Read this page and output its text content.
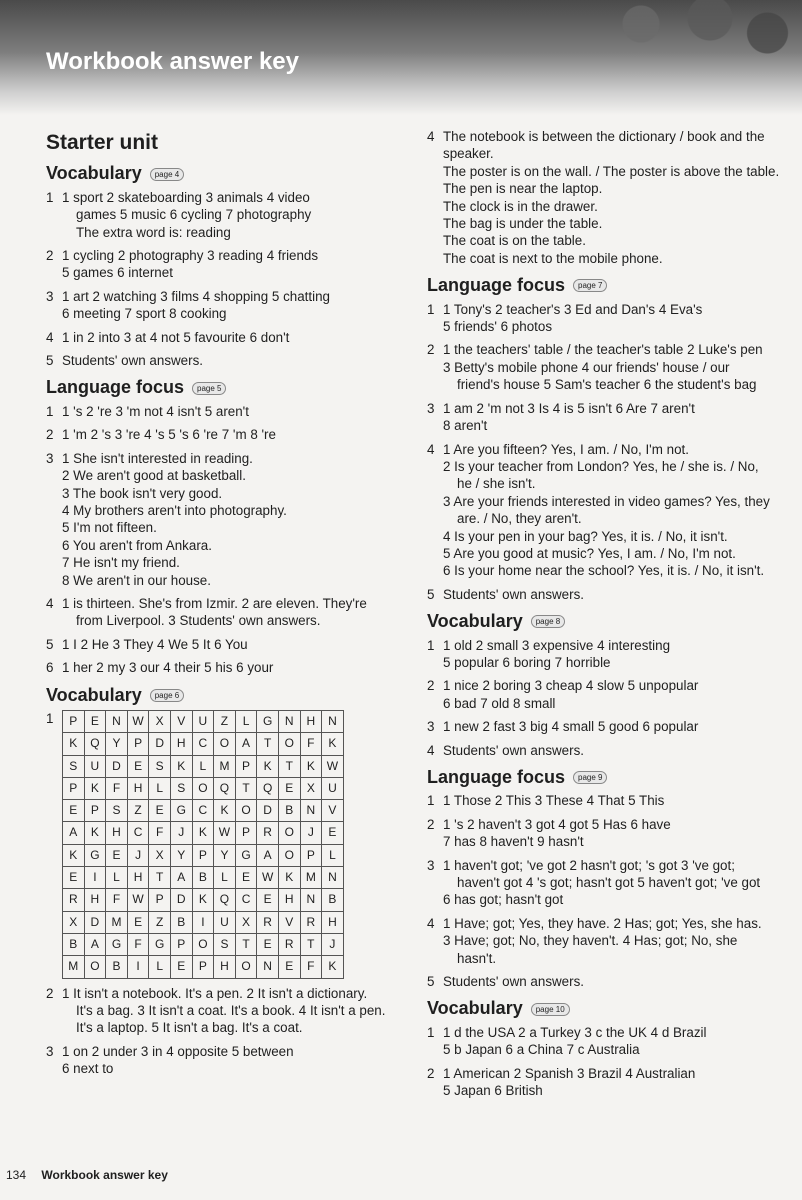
Workbook answer key
Starter unit
Vocabulary	page 4
1 1 sport 2 skateboarding 3 animals 4 video
games 5 music 6 cycling 7 photography
The extra word is: reading
2 1 cycling 2 photography 3 reading 4 friends
5 games 6 internet
3 1 art 2 watching 3 films 4 shopping 5 chatting
6 meeting 7 sport 8 cooking
4 1 in 2 into 3 at 4 not 5 favourite 6 don't
5 Students' own answers.
Language focus	page 5
1 1 's 2 're 3 'm not 4 isn't 5 aren't
2 1 'm 2 's 3 're 4 's 5 's 6 're 7 'm 8 're
3 1 She isn't interested in reading.
2 We aren't good at basketball.
3 The book isn't very good.
4 My brothers aren't into photography.
5 I'm not fifteen.
6 You aren't from Ankara.
7 He isn't my friend.
8 We aren't in our house.
4 1 is thirteen. She's from Izmir. 2 are eleven. They're
from Liverpool. 3 Students' own answers.
5 1 I 2 He 3 They 4 We 5 It 6 You
6 1 her 2 my 3 our 4 their 5 his 6 your
Vocabulary	page 6
1	P	E	N	W	X	V	U	Z	L	G	N	H	N
K	Q	Y	P	D	H	C	O	A	T	O	F	K
S	U	D	E	S	K	L	M	P	K	T	K	W
P	K	F	H	L	S	O	Q	T	Q	E	X	U
E	P	S	Z	E	G	C	K	O	D	B	N	V
A	K	H	C	F	J	K	W	P	R	O	J	E
K	G	E	J	X	Y	P	Y	G	A	O	P	L
E	I	L	H	T	A	B	L	E	W	K	M	N
R	H	F	W	P	D	K	Q	C	E	H	N	B
X	D	M	E	Z	B	I	U	X	R	V	R	H
B	A	G	F	G	P	O	S	T	E	R	T	J
M	O	B	I	L	E	P	H	O	N	E	F	K
2 1 It isn't a notebook. It's a pen. 2 It isn't a dictionary.
It's a bag. 3 It isn't a coat. It's a book. 4 It isn't a pen.
It's a laptop. 5 It isn't a bag. It's a coat.
3 1 on 2 under 3 in 4 opposite 5 between
6 next to
4 The notebook is between the dictionary / book and the
speaker.
The poster is on the wall. / The poster is above the table.
The pen is near the laptop.
The clock is in the drawer.
The bag is under the table.
The coat is on the table.
The coat is next to the mobile phone.
Language focus	page 7
1 1 Tony's 2 teacher's 3 Ed and Dan's 4 Eva's
5 friends' 6 photos
2 1 the teachers' table / the teacher's table 2 Luke's pen
3 Betty's mobile phone 4 our friends' house / our
friend's house 5 Sam's teacher 6 the student's bag
3 1 am 2 'm not 3 Is 4 is 5 isn't 6 Are 7 aren't
8 aren't
4 1 Are you fifteen? Yes, I am. / No, I'm not.
2 Is your teacher from London? Yes, he / she is. / No,
he / she isn't.
3 Are your friends interested in video games? Yes, they
are. / No, they aren't.
4 Is your pen in your bag? Yes, it is. / No, it isn't.
5 Are you good at music? Yes, I am. / No, I'm not.
6 Is your home near the school? Yes, it is. / No, it isn't.
5 Students' own answers.
Vocabulary	page 8
1 1 old 2 small 3 expensive 4 interesting
5 popular 6 boring 7 horrible
2 1 nice 2 boring 3 cheap 4 slow 5 unpopular
6 bad 7 old 8 small
3 1 new 2 fast 3 big 4 small 5 good 6 popular
4 Students' own answers.
Language focus	page 9
1 1 Those 2 This 3 These 4 That 5 This
2 1 's 2 haven't 3 got 4 got 5 Has 6 have
7 has 8 haven't 9 hasn't
3 1 haven't got; 've got 2 hasn't got; 's got 3 've got;
haven't got 4 's got; hasn't got 5 haven't got; 've got
6 has got; hasn't got
4 1 Have; got; Yes, they have. 2 Has; got; Yes, she has.
3 Have; got; No, they haven't. 4 Has; got; No, she
hasn't.
5 Students' own answers.
Vocabulary	page 10
1 1 d the USA 2 a Turkey 3 c the UK 4 d Brazil
5 b Japan 6 a China 7 c Australia
2 1 American 2 Spanish 3 Brazil 4 Australian
5 Japan 6 British
134 Workbook answer key
